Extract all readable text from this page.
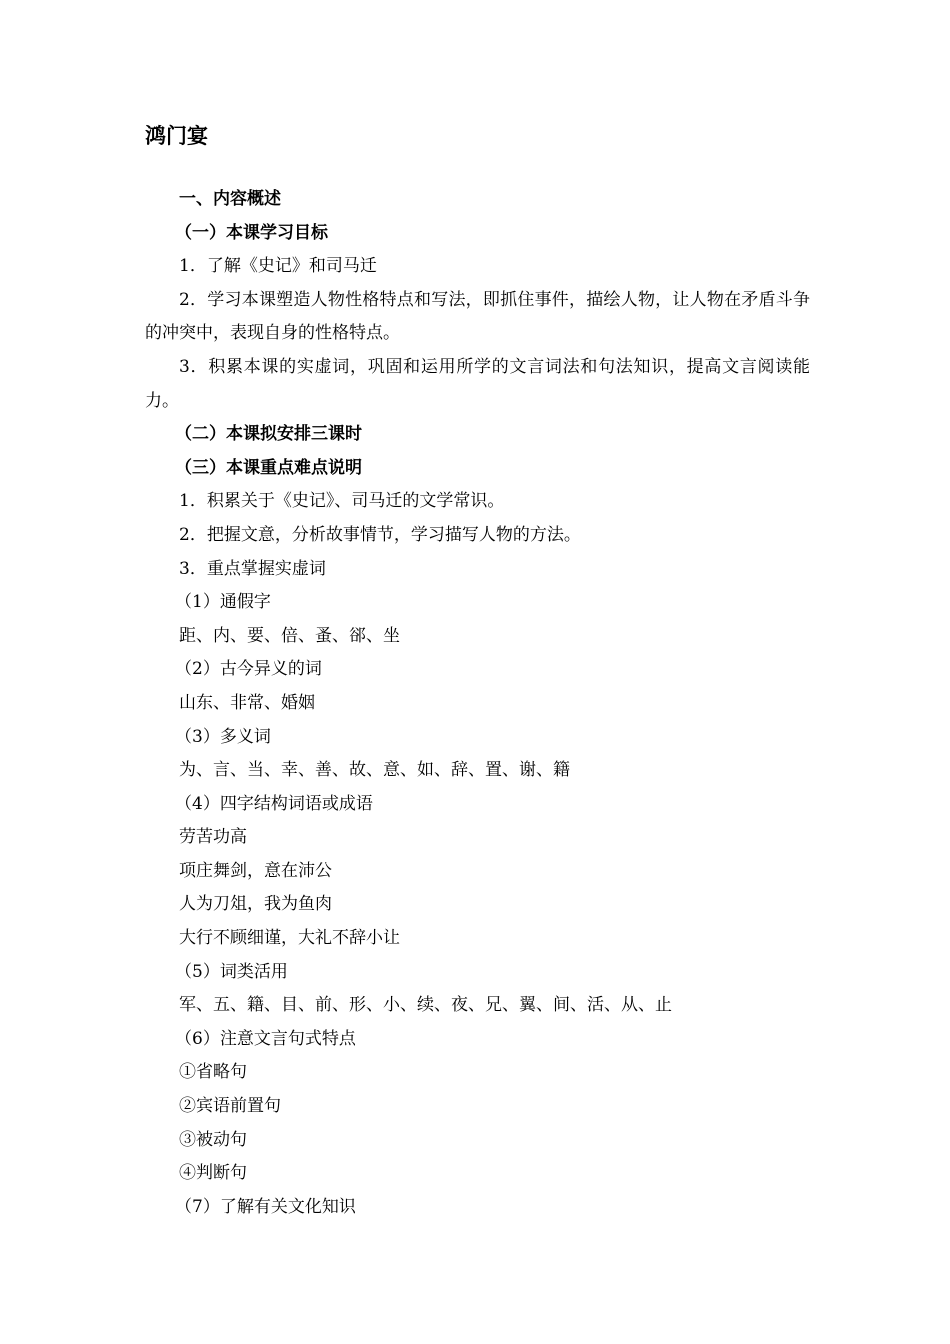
鸿门宴

一、内容概述

（一）本课学习目标

1．了解《史记》和司马迁

2．学习本课塑造人物性格特点和写法，即抓住事件，描绘人物，让人物在矛盾斗争的冲突中，表现自身的性格特点。

3．积累本课的实虚词，巩固和运用所学的文言词法和句法知识，提高文言阅读能力。

（二）本课拟安排三课时

（三）本课重点难点说明

1．积累关于《史记》、司马迁的文学常识。

2．把握文意，分析故事情节，学习描写人物的方法。

3．重点掌握实虚词

（1）通假字

距、内、要、倍、蚤、郤、坐

（2）古今异义的词

山东、非常、婚姻

（3）多义词

为、言、当、幸、善、故、意、如、辞、置、谢、籍

（4）四字结构词语或成语

劳苦功高

项庄舞剑，意在沛公

人为刀俎，我为鱼肉

大行不顾细谨，大礼不辞小让

（5）词类活用

军、五、籍、目、前、形、小、续、夜、兄、翼、间、活、从、止

（6）注意文言句式特点

①省略句

②宾语前置句

③被动句

④判断句

（7）了解有关文化知识
